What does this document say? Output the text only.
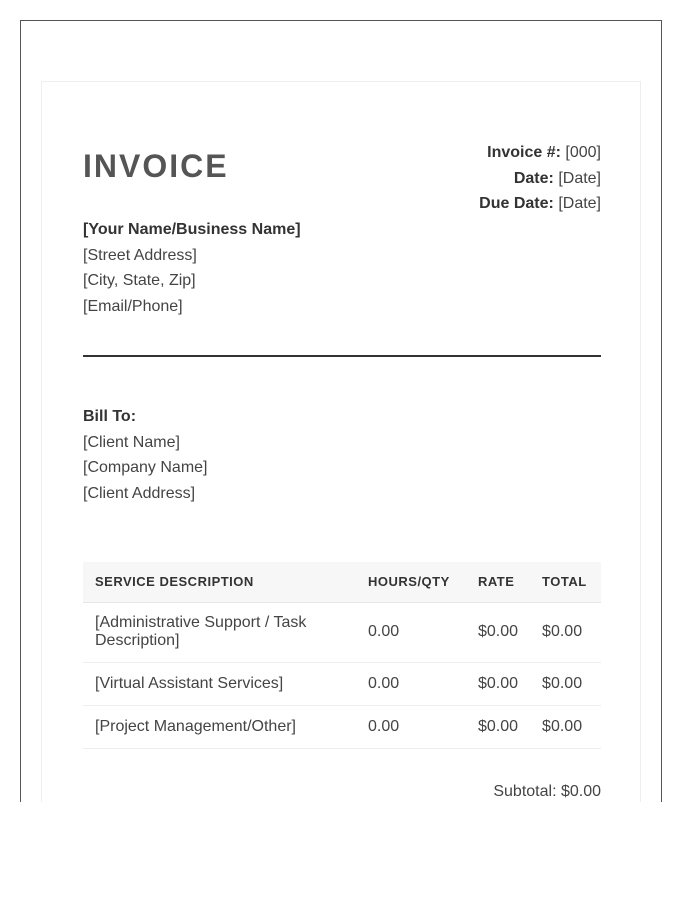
INVOICE	Invoice #: [000]
Date: [Date]
Due Date: [Date]
[Your Name/Business Name]
[Street Address]
[City, State, Zip]
[Email/Phone]
Bill To:
[Client Name]
[Company Name]
[Client Address]
SERVICE DESCRIPTION	HOURS/QTY	RATE	TOTAL
[Administrative Support / Task Description]	0.00	$0.00	$0.00
[Virtual Assistant Services]	0.00	$0.00	$0.00
[Project Management/Other]	0.00	$0.00	$0.00
Subtotal: $0.00
